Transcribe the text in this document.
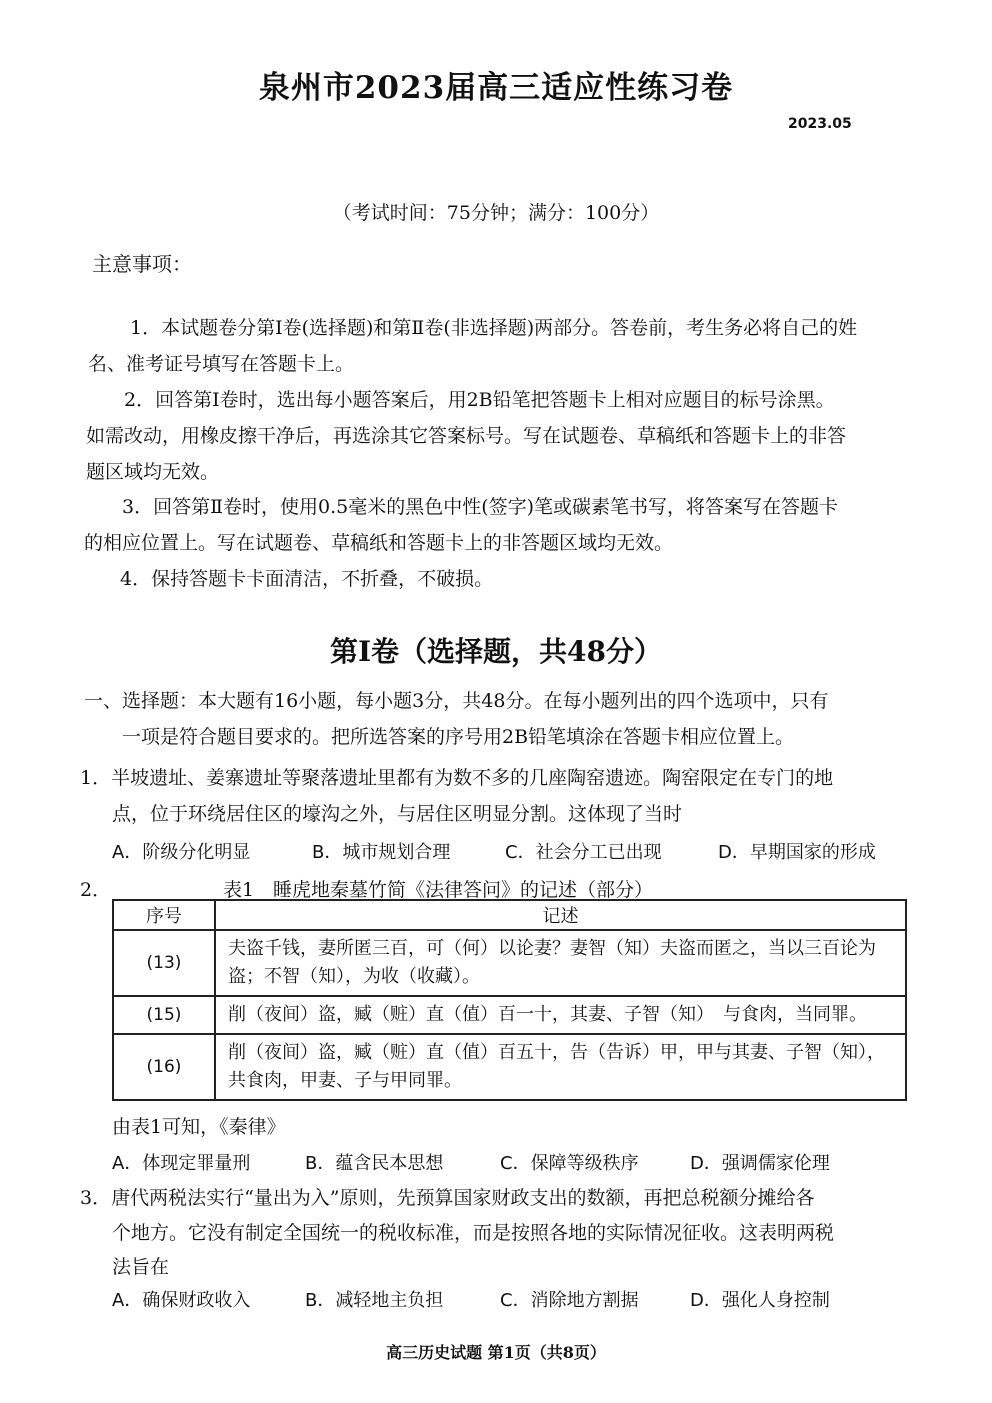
泉州市2023届高三适应性练习卷
2023.05
（考试时间：75分钟；满分：100分）
主意事项：
1．本试题卷分第Ⅰ卷(选择题)和第Ⅱ卷(非选择题)两部分。答卷前，考生务必将自己的姓
名、准考证号填写在答题卡上。
2．回答第Ⅰ卷时，选出每小题答案后，用2B铅笔把答题卡上相对应题目的标号涂黑。
如需改动，用橡皮擦干净后，再选涂其它答案标号。写在试题卷、草稿纸和答题卡上的非答
题区域均无效。
3．回答第Ⅱ卷时，使用0.5毫米的黑色中性(签字)笔或碳素笔书写，将答案写在答题卡
的相应位置上。写在试题卷、草稿纸和答题卡上的非答题区域均无效。
4．保持答题卡卡面清洁，不折叠，不破损。
第Ⅰ卷（选择题，共48分）
一、选择题：本大题有16小题，每小题3分，共48分。在每小题列出的四个选项中，只有
一项是符合题目要求的。把所选答案的序号用2B铅笔填涂在答题卡相应位置上。
1．半坡遗址、姜寨遗址等聚落遗址里都有为数不多的几座陶窑遗迹。陶窑限定在专门的地
点，位于环绕居住区的壕沟之外，与居住区明显分割。这体现了当时
A．阶级分化明显	B．城市规划合理	C．社会分工已出现	D．早期国家的形成
2．	表1　睡虎地秦墓竹简《法律答问》的记述（部分）
序号	记述
(13)	夫盗千钱，妻所匿三百，可（何）以论妻？妻智（知）夫盗而匿之，当以三百论为盗；不智（知），为收（收藏）。
(15)	削（夜间）盗，臧（赃）直（值）百一十，其妻、子智（知）　与食肉，当同罪。
(16)	削（夜间）盗，臧（赃）直（值）百五十，告（告诉）甲，甲与其妻、子智（知），共食肉，甲妻、子与甲同罪。
由表1可知，《秦律》
A．体现定罪量刑	B．蕴含民本思想	C．保障等级秩序	D．强调儒家伦理
3．唐代两税法实行“量出为入”原则，先预算国家财政支出的数额，再把总税额分摊给各
个地方。它没有制定全国统一的税收标准，而是按照各地的实际情况征收。这表明两税
法旨在
A．确保财政收入	B．减轻地主负担	C．消除地方割据	D．强化人身控制
高三历史试题 第1页（共8页）
